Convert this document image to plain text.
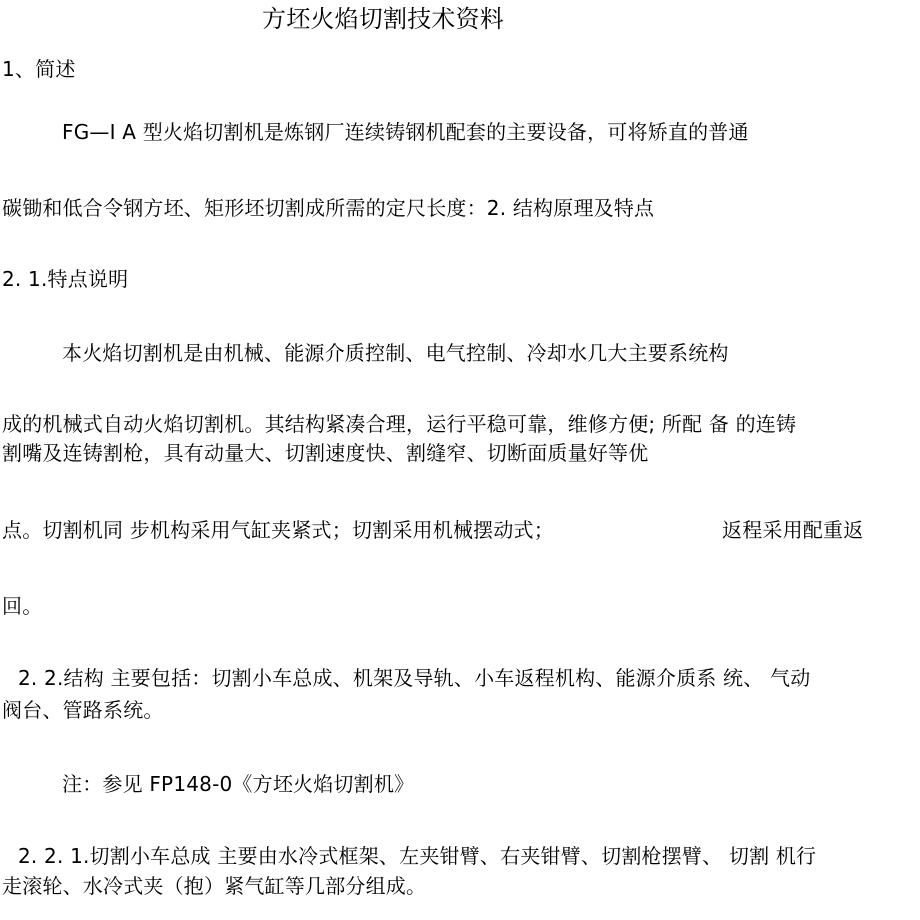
方坯火焰切割技术资料
1、简述
FG—I A 型火焰切割机是炼钢厂连续铸钢机配套的主要设备，可将矫直的普通
碳锄和低合令钢方坯、矩形坯切割成所需的定尺长度：2. 结构原理及特点
2. 1.特点说明
本火焰切割机是由机械、能源介质控制、电气控制、冷却水几大主要系统构
成的机械式自动火焰切割机。其结构紧凑合理，运行平稳可靠，维修方便; 所配 备 的连铸
割嘴及连铸割枪，具有动量大、切割速度快、割缝窄、切断面质量好等优
点。切割机同 步机构采用气缸夹紧式；切割采用机械摆动式；	返程采用配重返
回。
2. 2.结构 主要包括：切割小车总成、机架及导轨、小车返程机构、能源介质系 统、 气动
阀台、管路系统。
注：参见 FP148-0《方坯火焰切割机》
2. 2. 1.切割小车总成 主要由水冷式框架、左夹钳臂、右夹钳臂、切割枪摆臂、 切割 机行
走滚轮、水冷式夹（抱）紧气缸等几部分组成。
